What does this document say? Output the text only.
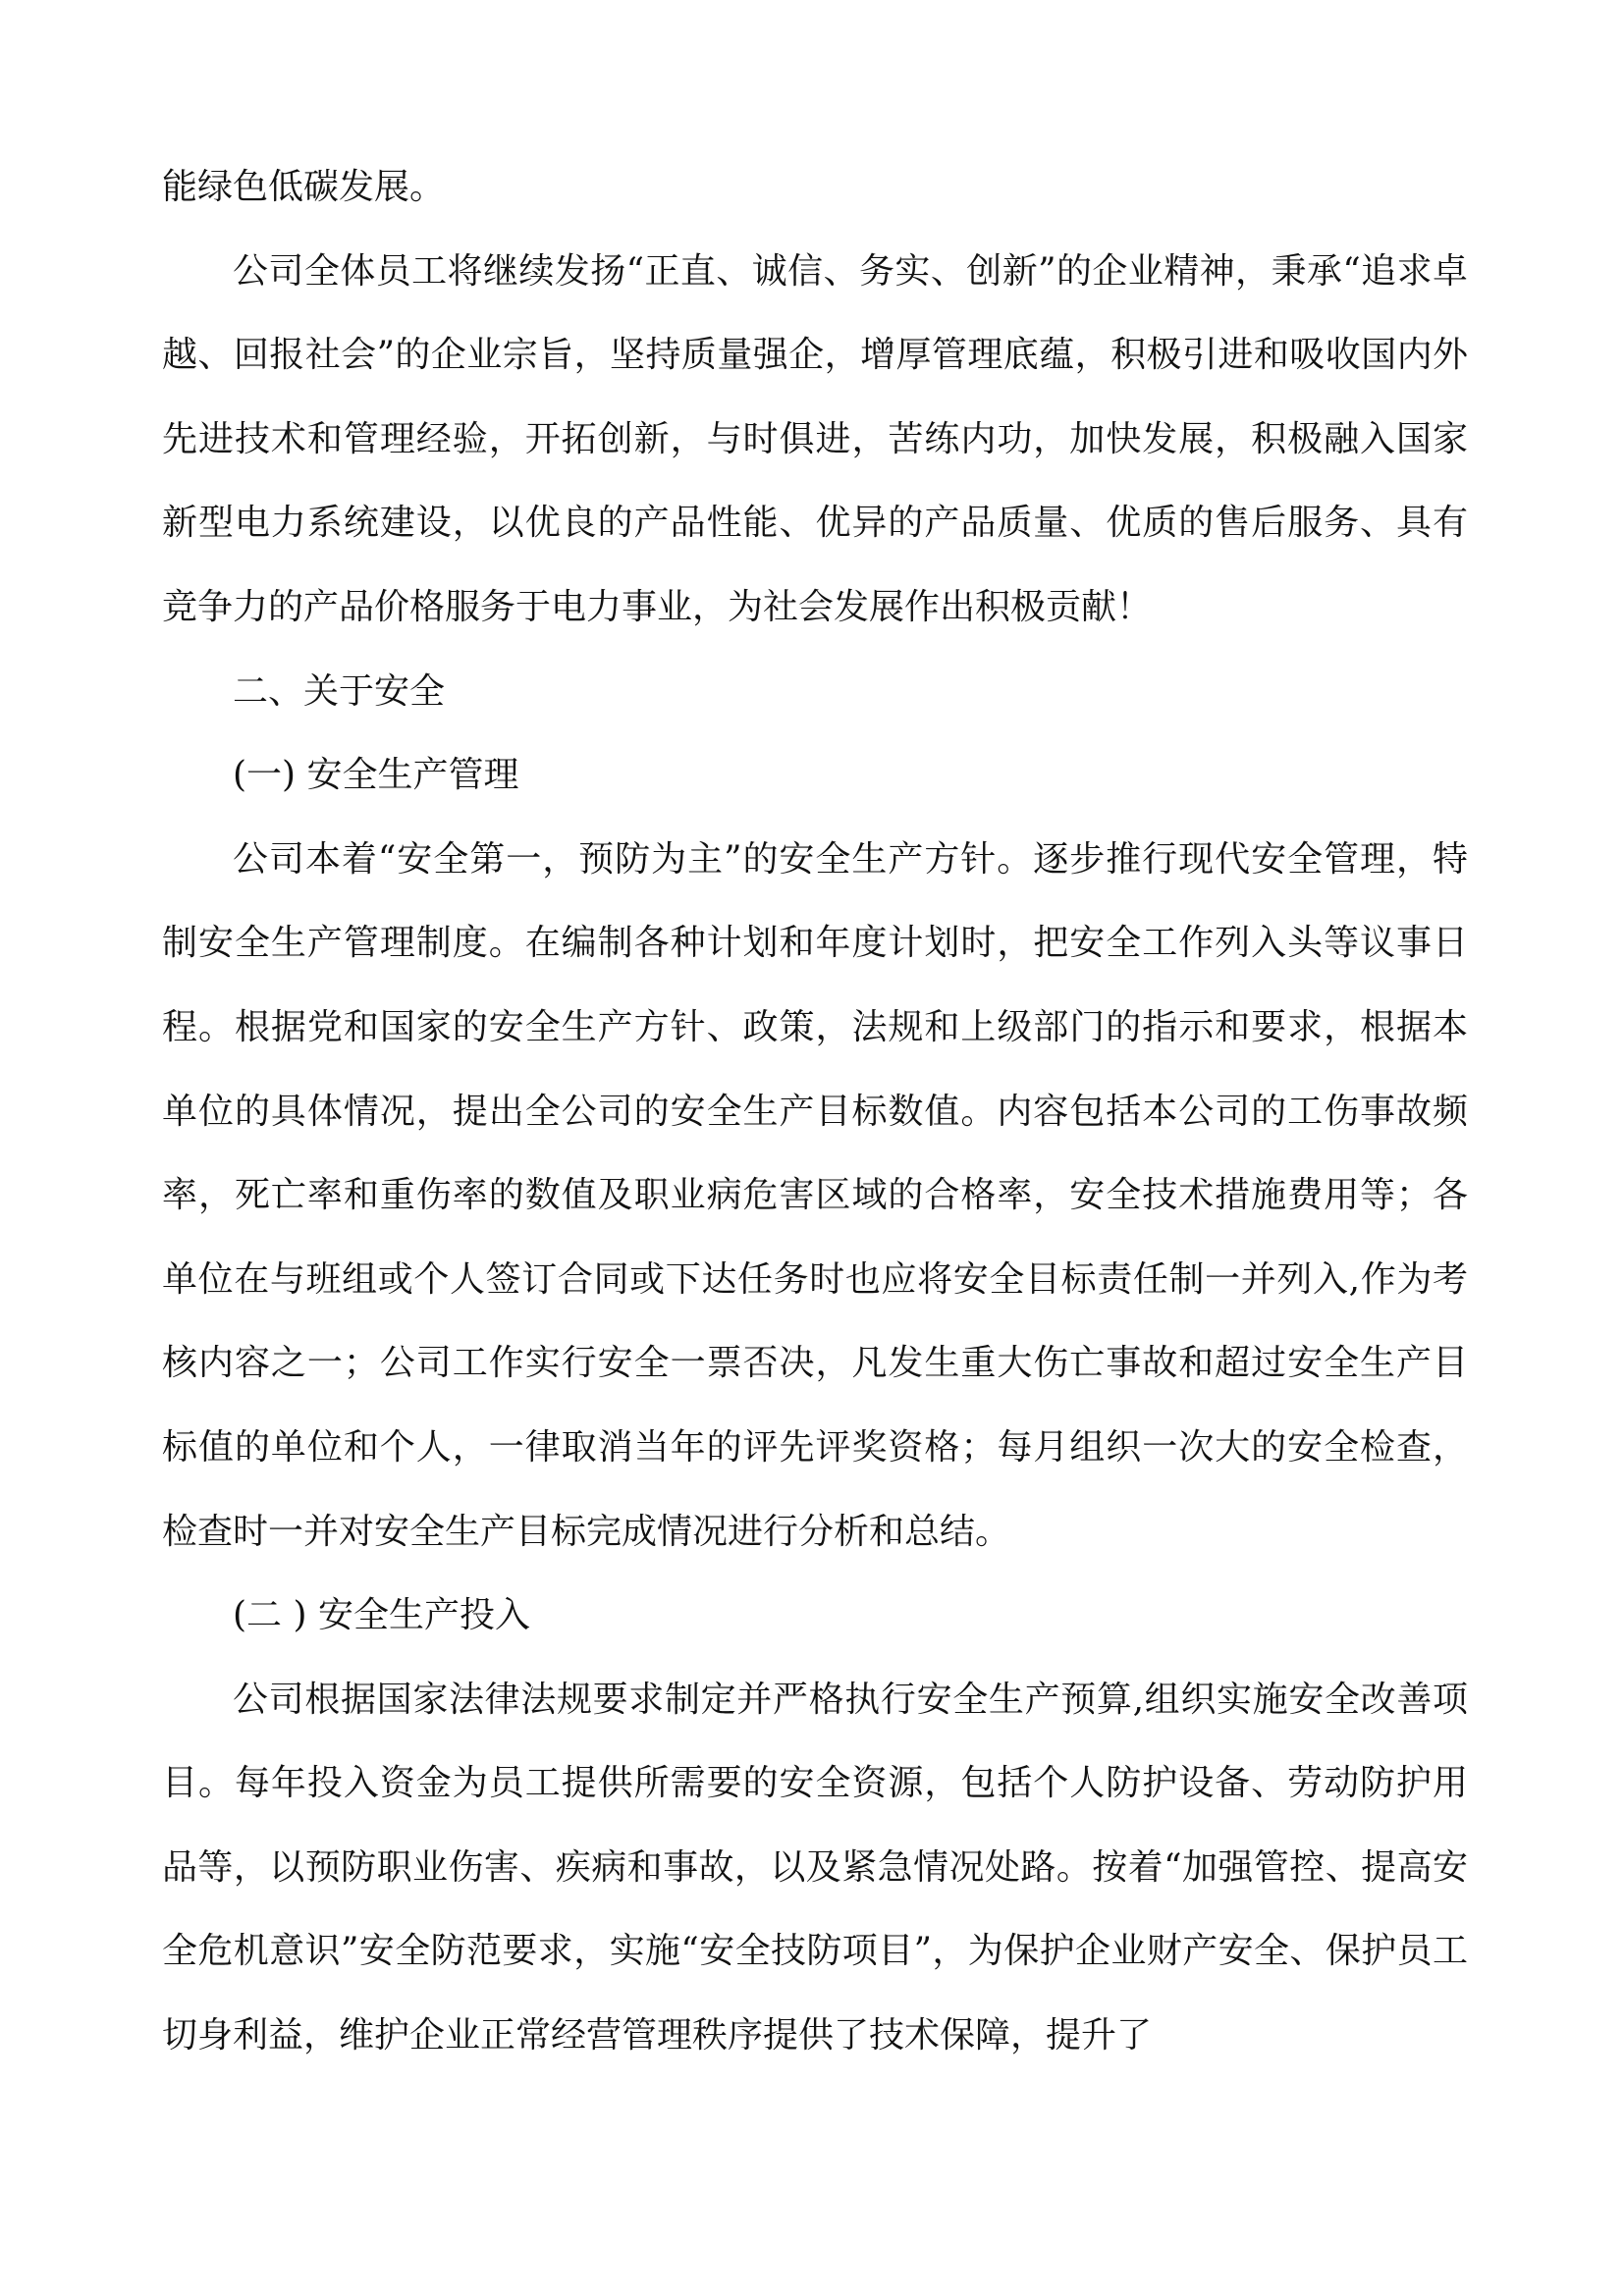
能绿色低碳发展。

公司全体员工将继续发扬“正直、诚信、务实、创新”的企业精神，秉承“追求卓越、回报社会”的企业宗旨，坚持质量强企，增厚管理底蕴，积极引进和吸收国内外先进技术和管理经验，开拓创新，与时俱进，苦练内功，加快发展，积极融入国家新型电力系统建设，以优良的产品性能、优异的产品质量、优质的售后服务、具有竞争力的产品价格服务于电力事业，为社会发展作出积极贡献！

二、关于安全
(一) 安全生产管理

公司本着“安全第一，预防为主”的安全生产方针。逐步推行现代安全管理，特制安全生产管理制度。在编制各种计划和年度计划时，把安全工作列入头等议事日程。根据党和国家的安全生产方针、政策，法规和上级部门的指示和要求，根据本单位的具体情况，提出全公司的安全生产目标数值。内容包括本公司的工伤事故频率，死亡率和重伤率的数值及职业病危害区域的合格率，安全技术措施费用等；各单位在与班组或个人签订合同或下达任务时也应将安全目标责任制一并列入,作为考核内容之一；公司工作实行安全一票否决，凡发生重大伤亡事故和超过安全生产目标值的单位和个人，一律取消当年的评先评奖资格；每月组织一次大的安全检查，检查时一并对安全生产目标完成情况进行分析和总结。

(二 ) 安全生产投入

公司根据国家法律法规要求制定并严格执行安全生产预算,组织实施安全改善项目。每年投入资金为员工提供所需要的安全资源，包括个人防护设备、劳动防护用品等，以预防职业伤害、疾病和事故，以及紧急情况处路。按着“加强管控、提高安全危机意识”安全防范要求，实施“安全技防项目”，为保护企业财产安全、保护员工切身利益，维护企业正常经营管理秩序提供了技术保障，提升了
